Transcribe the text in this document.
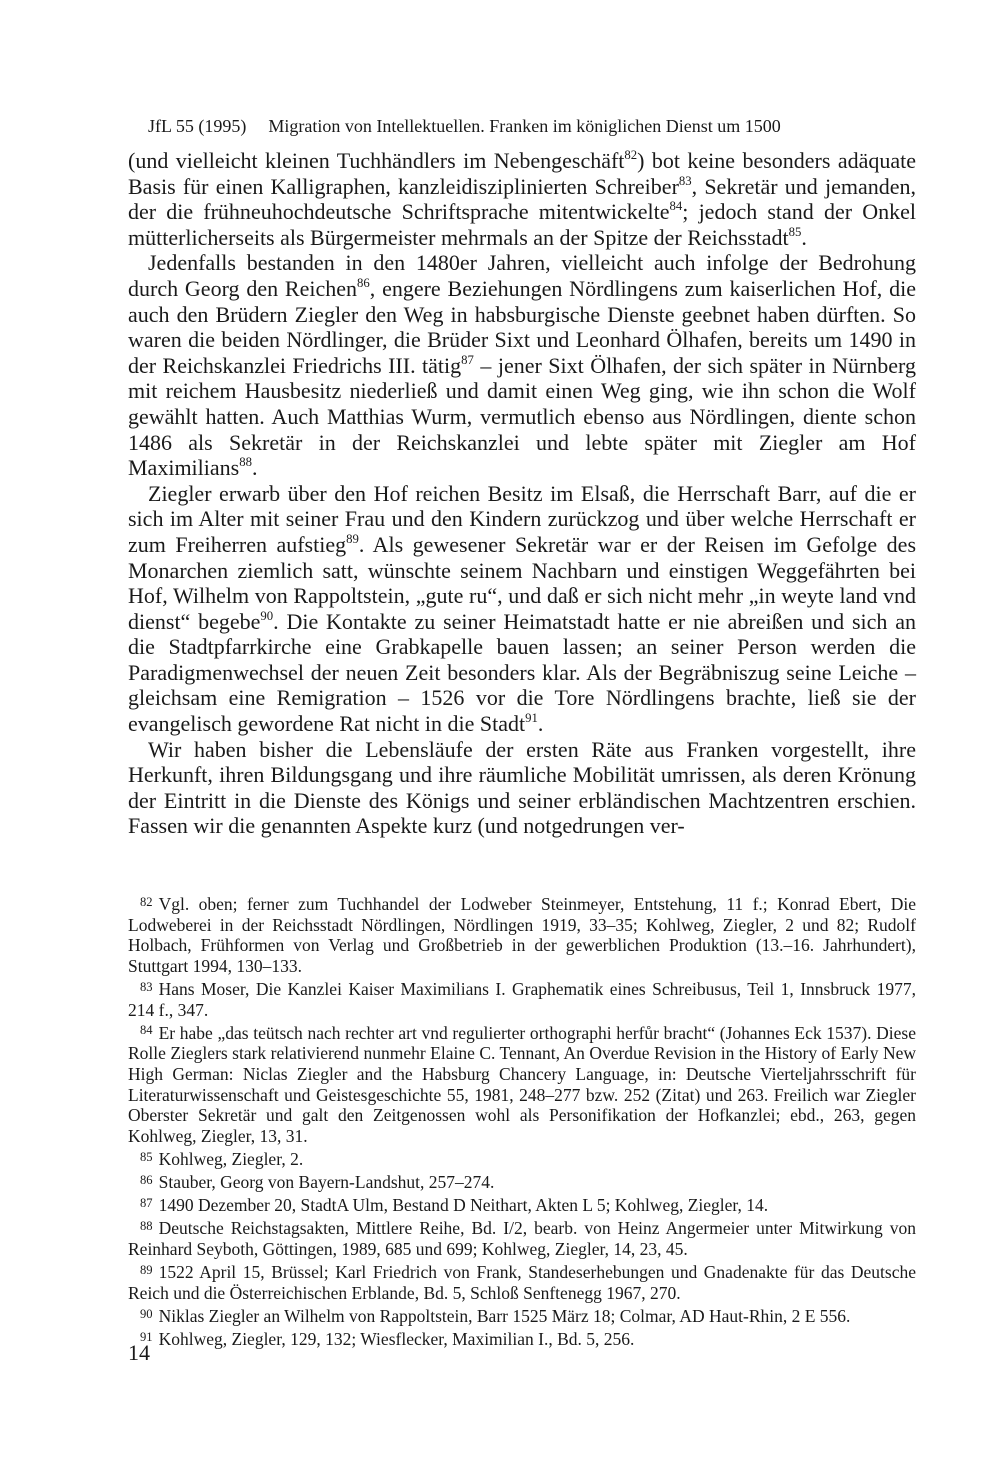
JfL 55 (1995) Migration von Intellektuellen. Franken im königlichen Dienst um 1500

(und vielleicht kleinen Tuchhändlers im Nebengeschäft$^{82}$) bot keine besonders adäquate Basis für einen Kalligraphen, kanzleidisziplinierten Schreiber$^{83}$, Sekretär und jemanden, der die frühneuhochdeutsche Schriftsprache mitentwickelte$^{84}$; jedoch stand der Onkel mütterlicherseits als Bürgermeister mehrmals an der Spitze der Reichsstadt$^{85}$.

Jedenfalls bestanden in den 1480er Jahren, vielleicht auch infolge der Bedrohung durch Georg den Reichen$^{86}$, engere Beziehungen Nördlingens zum kaiserlichen Hof, die auch den Brüdern Ziegler den Weg in habsburgische Dienste geebnet haben dürften. So waren die beiden Nördlinger, die Brüder Sixt und Leonhard Ölhafen, bereits um 1490 in der Reichskanzlei Friedrichs III. tätig$^{87}$ – jener Sixt Ölhafen, der sich später in Nürnberg mit reichem Hausbesitz niederließ und damit einen Weg ging, wie ihn schon die Wolf gewählt hatten. Auch Matthias Wurm, vermutlich ebenso aus Nördlingen, diente schon 1486 als Sekretär in der Reichskanzlei und lebte später mit Ziegler am Hof Maximilians$^{88}$.

Ziegler erwarb über den Hof reichen Besitz im Elsaß, die Herrschaft Barr, auf die er sich im Alter mit seiner Frau und den Kindern zurückzog und über welche Herrschaft er zum Freiherren aufstieg$^{89}$. Als gewesener Sekretär war er der Reisen im Gefolge des Monarchen ziemlich satt, wünschte seinem Nachbarn und einstigen Weggefährten bei Hof, Wilhelm von Rappoltstein, „gute ru“, und daß er sich nicht mehr „in weyte land vnd dienst“ begebe$^{90}$. Die Kontakte zu seiner Heimatstadt hatte er nie abreißen und sich an die Stadtpfarrkirche eine Grabkapelle bauen lassen; an seiner Person werden die Paradigmenwechsel der neuen Zeit besonders klar. Als der Begräbniszug seine Leiche – gleichsam eine Remigration – 1526 vor die Tore Nördlingens brachte, ließ sie der evangelisch gewordene Rat nicht in die Stadt$^{91}$.

Wir haben bisher die Lebensläufe der ersten Räte aus Franken vorgestellt, ihre Herkunft, ihren Bildungsgang und ihre räumliche Mobilität umrissen, als deren Krönung der Eintritt in die Dienste des Königs und seiner erbländischen Machtzentren erschien. Fassen wir die genannten Aspekte kurz (und notgedrungen ver-

$^{82}$ Vgl. oben; ferner zum Tuchhandel der Lodweber Steinmeyer, Entstehung, 11 f.; Konrad Ebert, Die Lodweberei in der Reichsstadt Nördlingen, Nördlingen 1919, 33–35; Kohlweg, Ziegler, 2 und 82; Rudolf Holbach, Frühformen von Verlag und Großbetrieb in der gewerblichen Produktion (13.–16. Jahrhundert), Stuttgart 1994, 130–133.
$^{83}$ Hans Moser, Die Kanzlei Kaiser Maximilians I. Graphematik eines Schreibusus, Teil 1, Innsbruck 1977, 214 f., 347.
$^{84}$ Er habe „das teütsch nach rechter art vnd regulierter orthographi herfůr bracht“ (Johannes Eck 1537). Diese Rolle Zieglers stark relativierend nunmehr Elaine C. Tennant, An Overdue Revision in the History of Early New High German: Niclas Ziegler and the Habsburg Chancery Language, in: Deutsche Vierteljahrsschrift für Literaturwissenschaft und Geistesgeschichte 55, 1981, 248–277 bzw. 252 (Zitat) und 263. Freilich war Ziegler Oberster Sekretär und galt den Zeitgenossen wohl als Personifikation der Hofkanzlei; ebd., 263, gegen Kohlweg, Ziegler, 13, 31.
$^{85}$ Kohlweg, Ziegler, 2.
$^{86}$ Stauber, Georg von Bayern-Landshut, 257–274.
$^{87}$ 1490 Dezember 20, StadtA Ulm, Bestand D Neithart, Akten L 5; Kohlweg, Ziegler, 14.
$^{88}$ Deutsche Reichstagsakten, Mittlere Reihe, Bd. I/2, bearb. von Heinz Angermeier unter Mitwirkung von Reinhard Seyboth, Göttingen, 1989, 685 und 699; Kohlweg, Ziegler, 14, 23, 45.
$^{89}$ 1522 April 15, Brüssel; Karl Friedrich von Frank, Standeserhebungen und Gnadenakte für das Deutsche Reich und die Österreichischen Erblande, Bd. 5, Schloß Senftenegg 1967, 270.
$^{90}$ Niklas Ziegler an Wilhelm von Rappoltstein, Barr 1525 März 18; Colmar, AD Haut-Rhin, 2 E 556.
$^{91}$ Kohlweg, Ziegler, 129, 132; Wiesflecker, Maximilian I., Bd. 5, 256.
14
